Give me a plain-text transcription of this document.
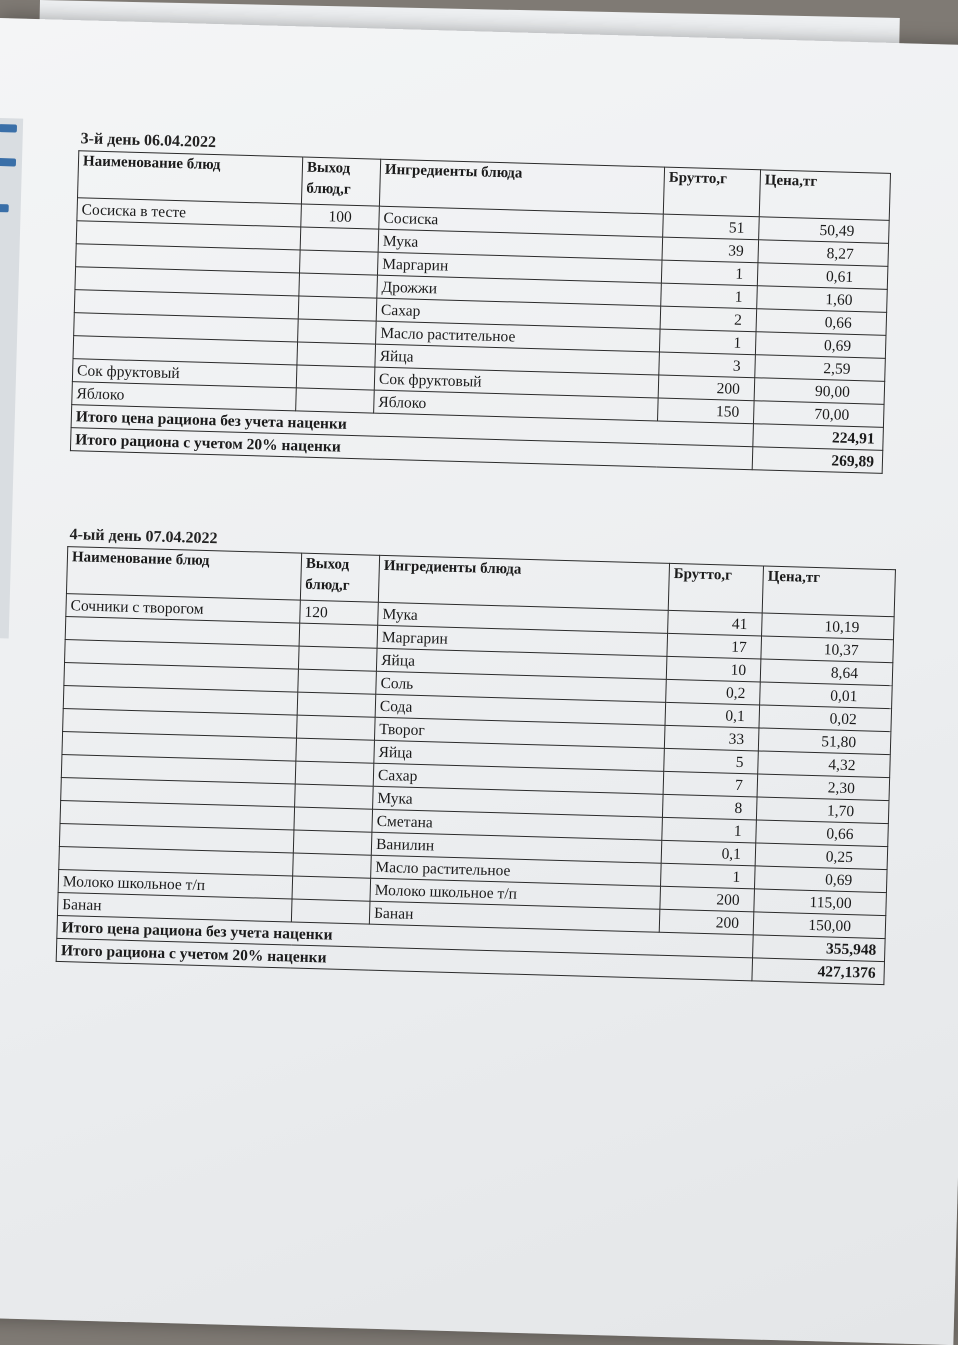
3-й день 06.04.2022
Наименование блюд	Выход блюд,г	Ингредиенты блюда	Брутто,г	Цена,тг
Сосиска в тесте	100	Сосиска	51	50,49
		Мука	39	8,27
		Маргарин	1	0,61
		Дрожжи	1	1,60
		Сахар	2	0,66
		Масло растительное	1	0,69
		Яйца	3	2,59
Сок фруктовый		Сок фруктовый	200	90,00
Яблоко		Яблоко	150	70,00
Итого цена рациона без учета наценки				224,91
Итого рациона с учетом 20% наценки				269,89
4-ый день 07.04.2022
Наименование блюд	Выход блюд,г	Ингредиенты блюда	Брутто,г	Цена,тг
Сочники с творогом	120	Мука	41	10,19
		Маргарин	17	10,37
		Яйца	10	8,64
		Соль	0,2	0,01
		Сода	0,1	0,02
		Творог	33	51,80
		Яйца	5	4,32
		Сахар	7	2,30
		Мука	8	1,70
		Сметана	1	0,66
		Ванилин	0,1	0,25
		Масло растительное	1	0,69
Молоко школьное т/п		Молоко школьное т/п	200	115,00
Банан		Банан	200	150,00
Итого цена рациона без учета наценки				355,948
Итого рациона с учетом 20% наценки				427,1376
